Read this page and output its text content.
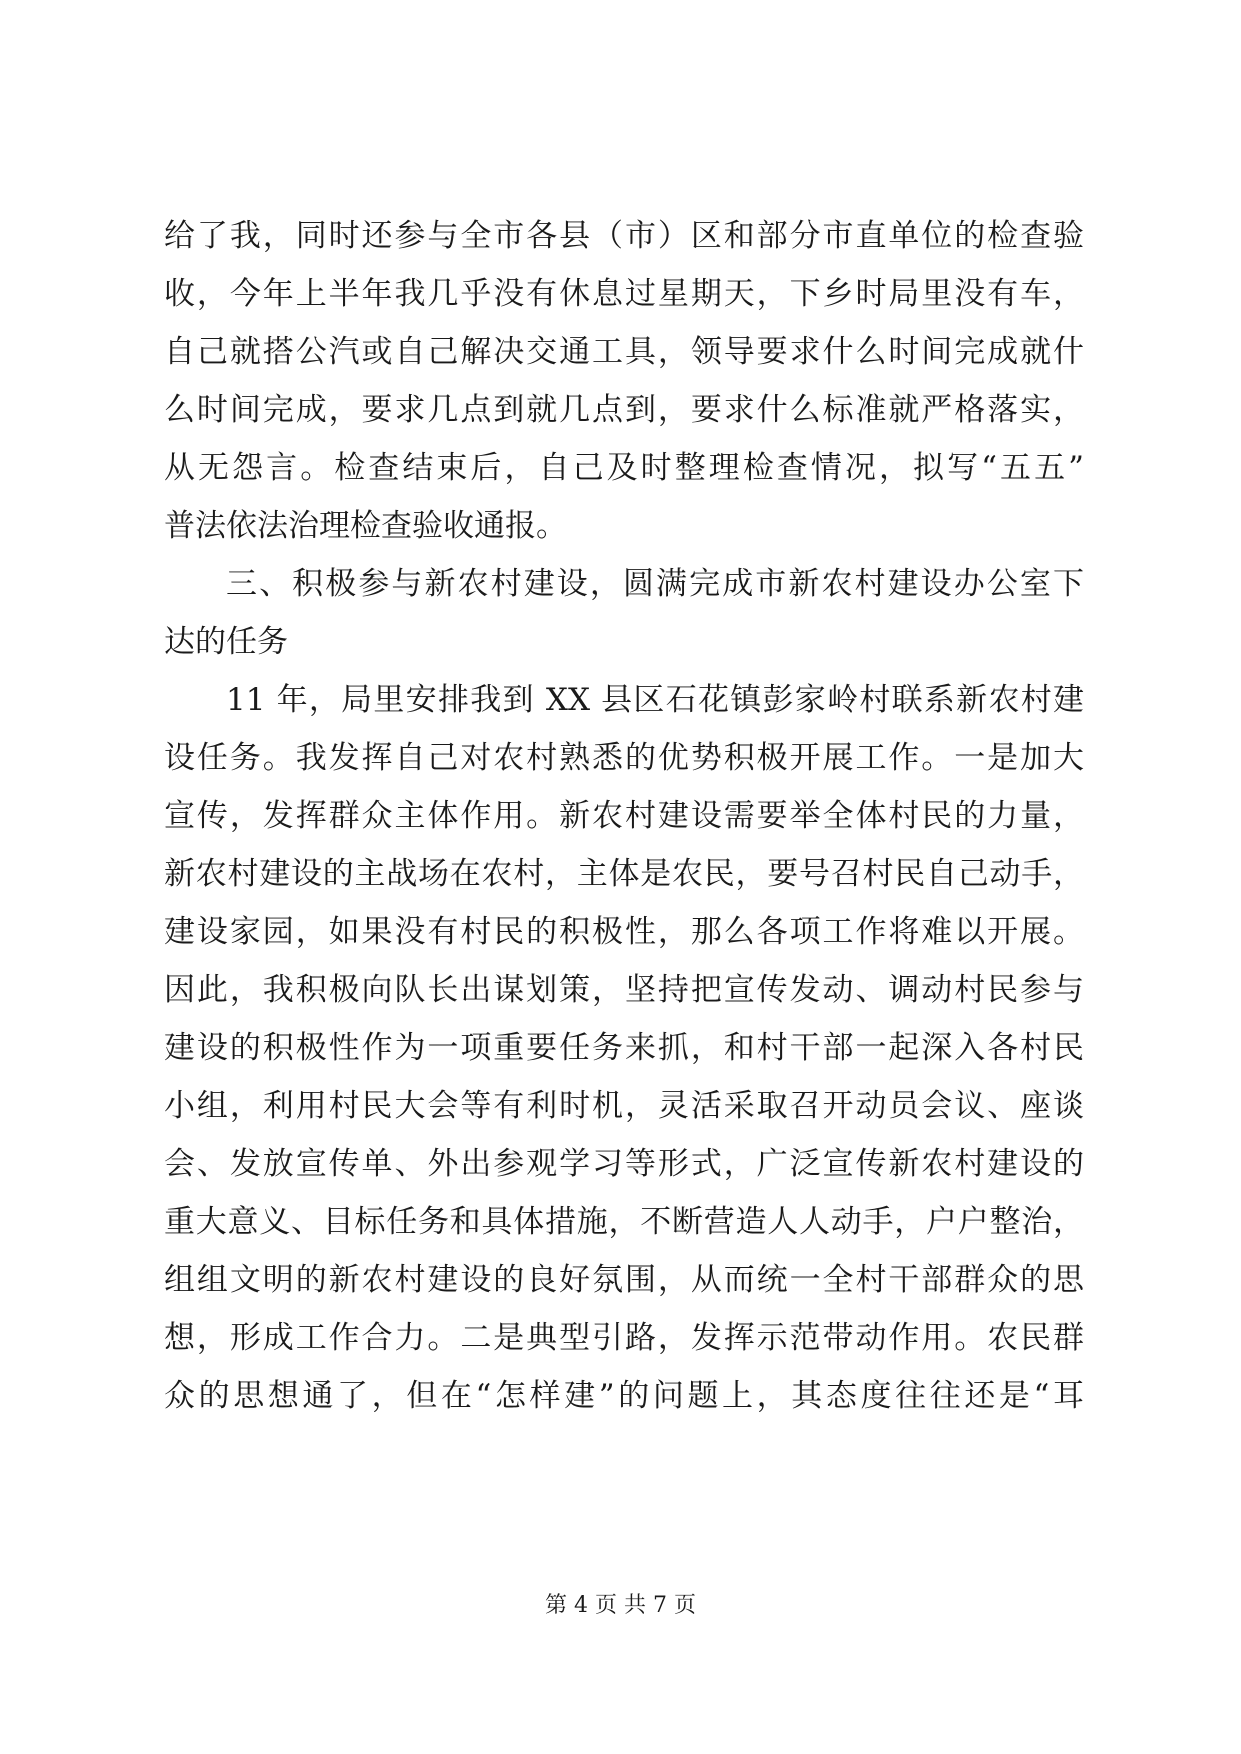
给了我，同时还参与全市各县（市）区和部分市直单位的检查验
收，今年上半年我几乎没有休息过星期天，下乡时局里没有车，
自己就搭公汽或自己解决交通工具，领导要求什么时间完成就什
么时间完成，要求几点到就几点到，要求什么标准就严格落实，
从无怨言。检查结束后，自己及时整理检查情况，拟写“五五”
普法依法治理检查验收通报。
三、积极参与新农村建设，圆满完成市新农村建设办公室下
达的任务
11 年，局里安排我到 XX 县区石花镇彭家岭村联系新农村建
设任务。我发挥自己对农村熟悉的优势积极开展工作。一是加大
宣传，发挥群众主体作用。新农村建设需要举全体村民的力量，
新农村建设的主战场在农村，主体是农民，要号召村民自己动手，
建设家园，如果没有村民的积极性，那么各项工作将难以开展。
因此，我积极向队长出谋划策，坚持把宣传发动、调动村民参与
建设的积极性作为一项重要任务来抓，和村干部一起深入各村民
小组，利用村民大会等有利时机，灵活采取召开动员会议、座谈
会、发放宣传单、外出参观学习等形式，广泛宣传新农村建设的
重大意义、目标任务和具体措施，不断营造人人动手，户户整治，
组组文明的新农村建设的良好氛围，从而统一全村干部群众的思
想，形成工作合力。二是典型引路，发挥示范带动作用。农民群
众的思想通了，但在“怎样建”的问题上，其态度往往还是“耳
第 4 页 共 7 页
